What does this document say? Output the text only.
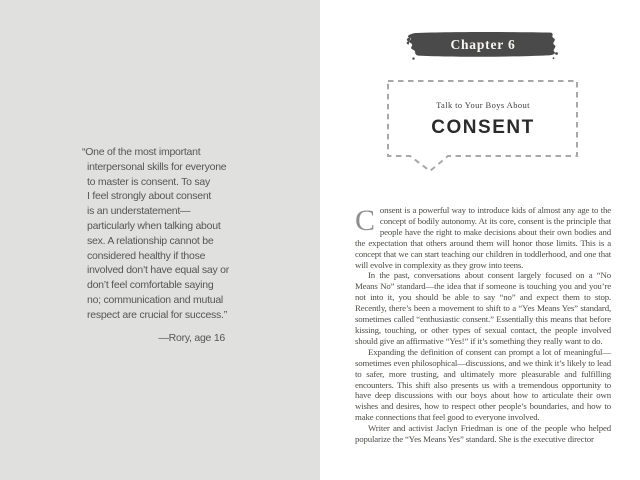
“One of the most important
interpersonal skills for everyone
to master is consent. To say
I feel strongly about consent
is an understatement—
particularly when talking about
sex. A relationship cannot be
considered healthy if those
involved don’t have equal say or
don’t feel comfortable saying
no; communication and mutual
respect are crucial for success.”
—Rory, age 16
Chapter 6
Talk to Your Boys About
CONSENT

Consent is a powerful way to introduce kids of almost any age to the concept of bodily autonomy. At its core, consent is the principle that people have the right to make decisions about their own bodies and the expectation that others around them will honor those limits. This is a concept that we can start teaching our children in toddlerhood, and one that will evolve in complexity as they grow into teens.

In the past, conversations about consent largely focused on a “No Means No” standard—the idea that if someone is touching you and you’re not into it, you should be able to say “no” and expect them to stop. Recently, there’s been a movement to shift to a “Yes Means Yes” standard, sometimes called “enthusiastic consent.” Essentially this means that before kissing, touching, or other types of sexual contact, the people involved should give an affirmative “Yes!” if it’s something they really want to do.

Expanding the definition of consent can prompt a lot of meaningful—sometimes even philosophical—discussions, and we think it’s likely to lead to safer, more trusting, and ultimately more pleasurable and fulfilling encounters. This shift also presents us with a tremendous opportunity to have deep discussions with our boys about how to articulate their own wishes and desires, how to respect other people’s boundaries, and how to make connections that feel good to everyone involved.

Writer and activist Jaclyn Friedman is one of the people who helped popularize the “Yes Means Yes” standard. She is the executive director
